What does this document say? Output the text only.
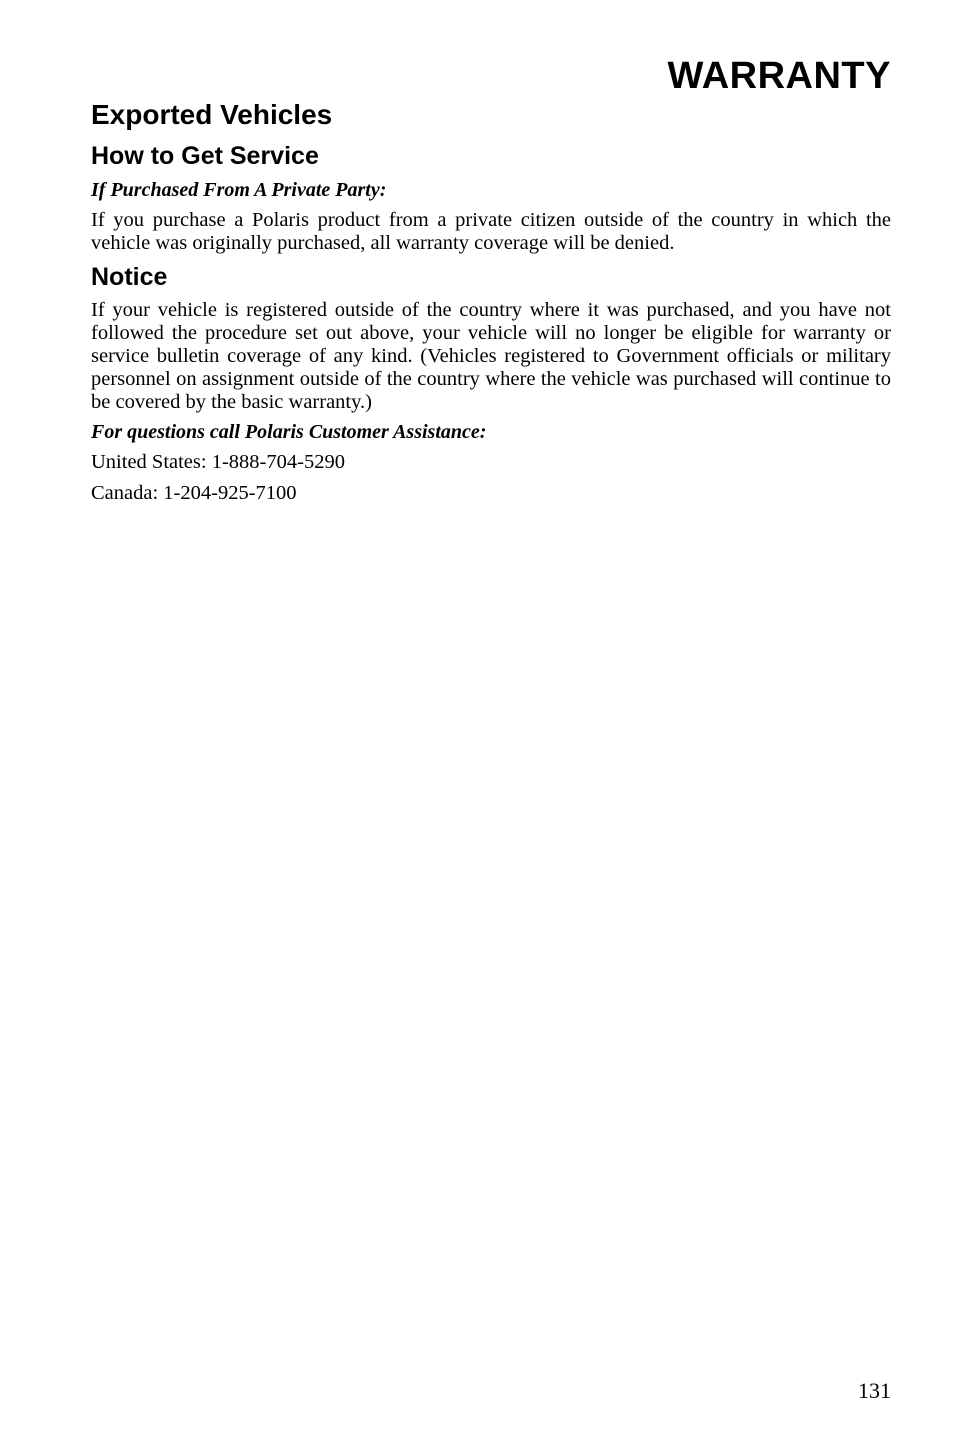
WARRANTY
Exported Vehicles
How to Get Service

If Purchased From A Private Party:

If you purchase a Polaris product from a private citizen outside of the country in which the vehicle was originally purchased, all warranty coverage will be denied.

Notice

If your vehicle is registered outside of the country where it was purchased, and you have not followed the procedure set out above, your vehicle will no longer be eligible for warranty or service bulletin coverage of any kind. (Vehicles registered to Government officials or military personnel on assignment outside of the country where the vehicle was purchased will continue to be covered by the basic warranty.)

For questions call Polaris Customer Assistance:

United States: 1-888-704-5290

Canada: 1-204-925-7100

131
